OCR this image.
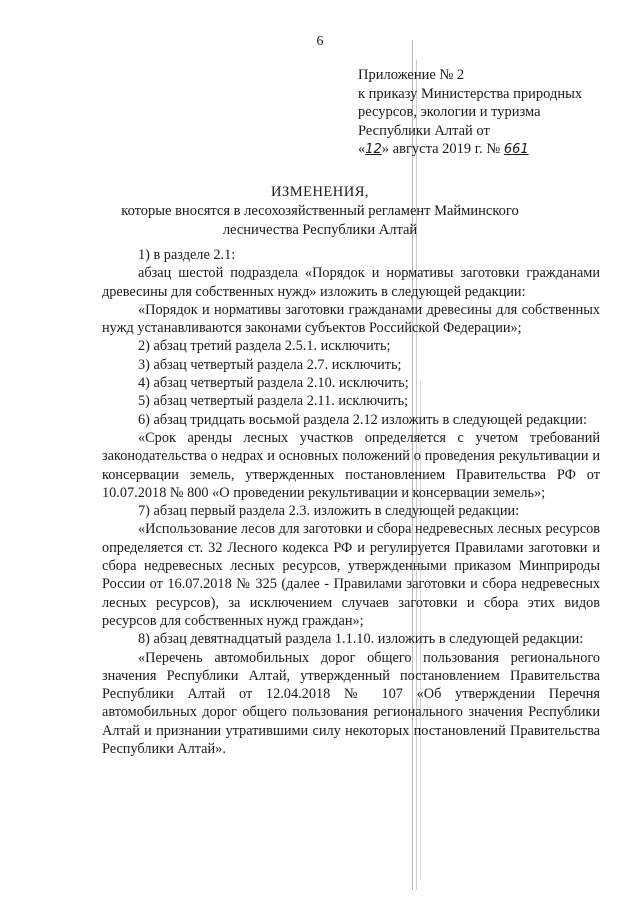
6
Приложение № 2
к приказу Министерства природных
ресурсов, экологии и туризма
Республики Алтай от
«12» августа 2019 г. № 661
ИЗМЕНЕНИЯ,
которые вносятся в лесохозяйственный регламент Майминского
лесничества Республики Алтай

1) в разделе 2.1:

абзац шестой подраздела «Порядок и нормативы заготовки гражданами древесины для собственных нужд» изложить в следующей редакции:

«Порядок и нормативы заготовки гражданами древесины для собственных нужд устанавливаются законами субъектов Российской Федерации»;

2) абзац третий раздела 2.5.1. исключить;

3) абзац четвертый раздела 2.7. исключить;

4) абзац четвертый раздела 2.10. исключить;

5) абзац четвертый раздела 2.11. исключить;

6) абзац тридцать восьмой раздела 2.12 изложить в следующей редакции:

«Срок аренды лесных участков определяется с учетом требований законодательства о недрах и основных положений о проведения рекультивации и консервации земель, утвержденных постановлением Правительства РФ от 10.07.2018 № 800 «О проведении рекультивации и консервации земель»;

7) абзац первый раздела 2.3. изложить в следующей редакции:

«Использование лесов для заготовки и сбора недревесных лесных ресурсов определяется ст. 32 Лесного кодекса РФ и регулируется Правилами заготовки и сбора недревесных лесных ресурсов, утвержденными приказом Минприроды России от 16.07.2018 № 325 (далее - Правилами заготовки и сбора недревесных лесных ресурсов), за исключением случаев заготовки и сбора этих видов ресурсов для собственных нужд граждан»;

8) абзац девятнадцатый раздела 1.1.10. изложить в следующей редакции:

«Перечень автомобильных дорог общего пользования регионального значения Республики Алтай, утвержденный постановлением Правительства Республики Алтай от 12.04.2018 № 107 «Об утверждении Перечня автомобильных дорог общего пользования регионального значения Республики Алтай и признании утратившими силу некоторых постановлений Правительства Республики Алтай».
